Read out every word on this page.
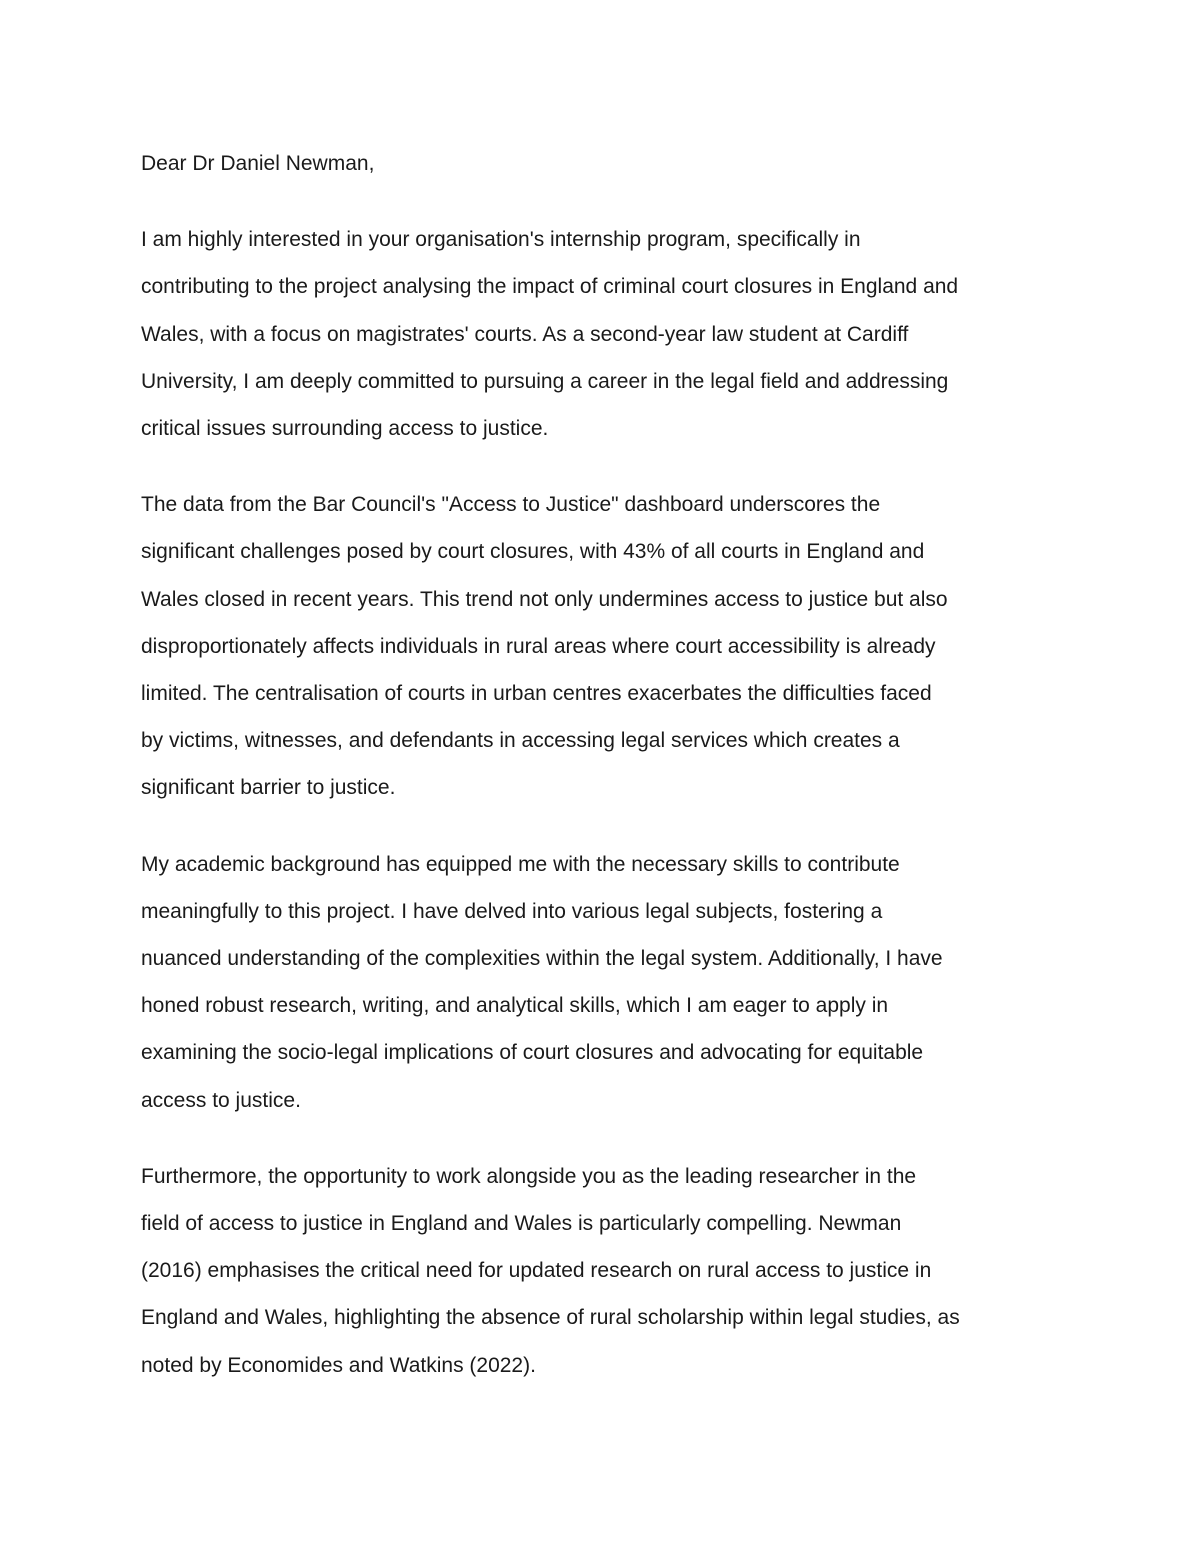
Dear Dr Daniel Newman,
I am highly interested in your organisation's internship program, specifically in
contributing to the project analysing the impact of criminal court closures in England and
Wales, with a focus on magistrates' courts. As a second-year law student at Cardiff
University, I am deeply committed to pursuing a career in the legal field and addressing
critical issues surrounding access to justice.
The data from the Bar Council's "Access to Justice" dashboard underscores the
significant challenges posed by court closures, with 43% of all courts in England and
Wales closed in recent years. This trend not only undermines access to justice but also
disproportionately affects individuals in rural areas where court accessibility is already
limited. The centralisation of courts in urban centres exacerbates the difficulties faced
by victims, witnesses, and defendants in accessing legal services which creates a
significant barrier to justice.
My academic background has equipped me with the necessary skills to contribute
meaningfully to this project. I have delved into various legal subjects, fostering a
nuanced understanding of the complexities within the legal system. Additionally, I have
honed robust research, writing, and analytical skills, which I am eager to apply in
examining the socio-legal implications of court closures and advocating for equitable
access to justice.
Furthermore, the opportunity to work alongside you as the leading researcher in the
field of access to justice in England and Wales is particularly compelling. Newman
(2016) emphasises the critical need for updated research on rural access to justice in
England and Wales, highlighting the absence of rural scholarship within legal studies, as
noted by Economides and Watkins (2022).
